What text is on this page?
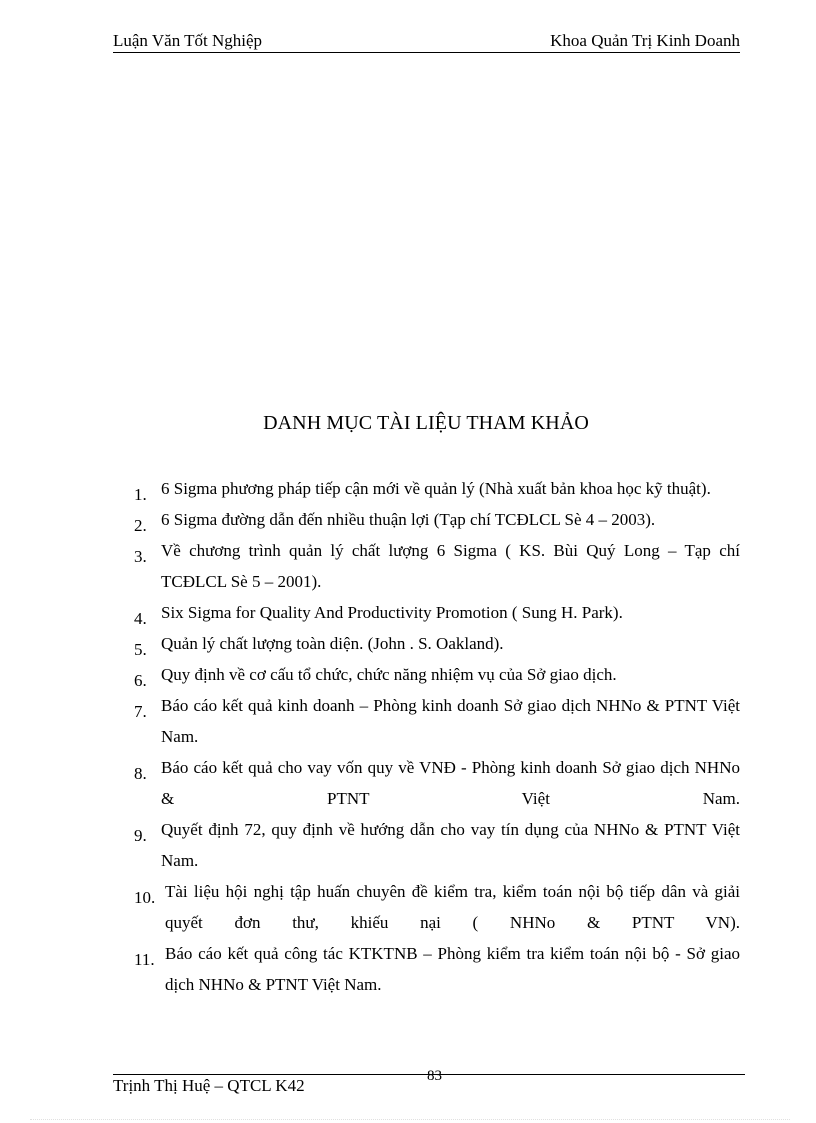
Luận Văn Tốt Nghiệp	Khoa Quản Trị Kinh Doanh
DANH MỤC TÀI LIỆU THAM KHẢO
1. 6 Sigma phương pháp tiếp cận mới về quản lý (Nhà xuất bản khoa học kỹ thuật).
2. 6 Sigma đường dẫn đến nhiều thuận lợi (Tạp chí TCĐLCL Sè 4 – 2003).
3. Về chương trình quản lý chất lượng 6 Sigma ( KS. Bùi Quý Long – Tạp chí TCĐLCL Sè 5 – 2001).
4. Six Sigma for Quality And Productivity Promotion ( Sung H. Park).
5. Quản lý chất lượng toàn diện. (John . S. Oakland).
6. Quy định về cơ cấu tổ chức, chức năng nhiệm vụ của Sở giao dịch.
7. Báo cáo kết quả kinh doanh – Phòng kinh doanh Sở giao dịch NHNo & PTNT Việt Nam.
8. Báo cáo kết quả cho vay vốn quy về VNĐ - Phòng kinh doanh Sở giao dịch NHNo & PTNT Việt Nam.
9. Quyết định 72, quy định về hướng dẫn cho vay tín dụng của NHNo & PTNT Việt Nam.
10. Tài liệu hội nghị tập huấn chuyên đề kiểm tra, kiểm toán nội bộ tiếp dân và giải quyết đơn thư, khiếu nại ( NHNo & PTNT VN).
11. Báo cáo kết quả công tác KTKTNB – Phòng kiểm tra kiểm toán nội bộ - Sở giao dịch NHNo & PTNT Việt Nam.
Trịnh Thị Huệ – QTCL K42	83
